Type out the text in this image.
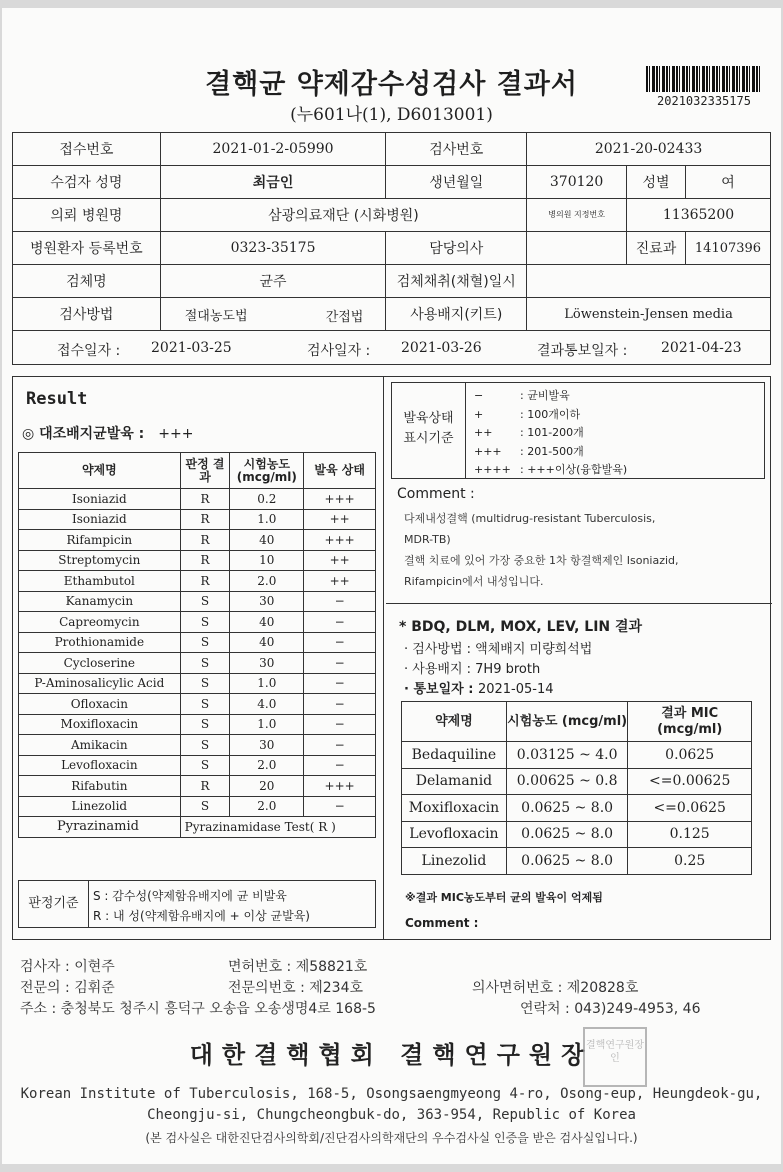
결핵균 약제감수성검사 결과서
(누601나(1), D6013001)
2021032335175
접수번호	2021-01-2-05990	검사번호	2021-20-02433		
수검자 성명	최금인	생년월일	370120	성별	여
의뢰 병원명	삼광의료재단 (시화병원)		병의원 지정번호	11365200	
병원환자 등록번호	0323-35175	담당의사		진료과	14107396
검체명	균주	검체채취(채혈)일시			
검사방법	절대농도법 간접법	사용배지(키트)	Löwenstein-Jensen media		
접수일자 : 2021-03-25	검사일자 : 2021-03-26	결과통보일자 : 2021-04-23
Result
◎ 대조배지균발육 : +++
약제명	판정 결과	시험농도 (mcg/ml)	발육 상태
Isoniazid	R	0.2	+++
Isoniazid	R	1.0	++
Rifampicin	R	40	+++
Streptomycin	R	10	++
Ethambutol	R	2.0	++
Kanamycin	S	30	−
Capreomycin	S	40	−
Prothionamide	S	40	−
Cycloserine	S	30	−
P-Aminosalicylic Acid	S	1.0	−
Ofloxacin	S	4.0	−
Moxifloxacin	S	1.0	−
Amikacin	S	30	−
Levofloxacin	S	2.0	−
Rifabutin	R	20	+++
Linezolid	S	2.0	−
Pyrazinamid	Pyrazinamidase Test( R )		
판정기준	S : 감수성(약제함유배지에 균 비발육
R : 내 성(약제함유배지에 + 이상 균발육)
발육상태
표시기준
−	: 균비발육
+	: 100개이하
++	: 101-200개
+++ : 201-500개
++++ : +++이상(융합발육)
Comment :
다제내성결핵 (multidrug-resistant Tuberculosis,
MDR-TB)
결핵 치료에 있어 가장 중요한 1차 항결핵제인 Isoniazid,
Rifampicin에서 내성입니다.
* BDQ, DLM, MOX, LEV, LIN 결과
· 검사방법 : 액체배지 미량희석법
· 사용배지 : 7H9 broth
· 통보일자 : 2021-05-14
약제명	시험농도 (mcg/ml)	결과 MIC (mcg/ml)
Bedaquiline	0.03125 ~ 4.0	0.0625
Delamanid	0.00625 ~ 0.8	<=0.00625
Moxifloxacin	0.0625 ~ 8.0	<=0.0625
Levofloxacin	0.0625 ~ 8.0	0.125
Linezolid	0.0625 ~ 8.0	0.25
※결과 MIC농도부터 균의 발육이 억제됨
Comment :
검사자 : 이현주	면허번호 : 제58821호
전문의 : 김휘준	전문의번호 : 제234호	의사면허번호 : 제20828호
주소 : 충청북도 청주시 흥덕구 오송읍 오송생명4로 168-5	연락처 : 043)249-4953, 46
대한결핵협회 결핵연구원장
결핵연구원장인
Korean Institute of Tuberculosis, 168-5, Osongsaengmyeong 4-ro, Osong-eup, Heungdeok-gu,
Cheongju-si, Chungcheongbuk-do, 363-954, Republic of Korea
(본 검사실은 대한진단검사의학회/진단검사의학재단의 우수검사실 인증을 받은 검사실입니다.)
